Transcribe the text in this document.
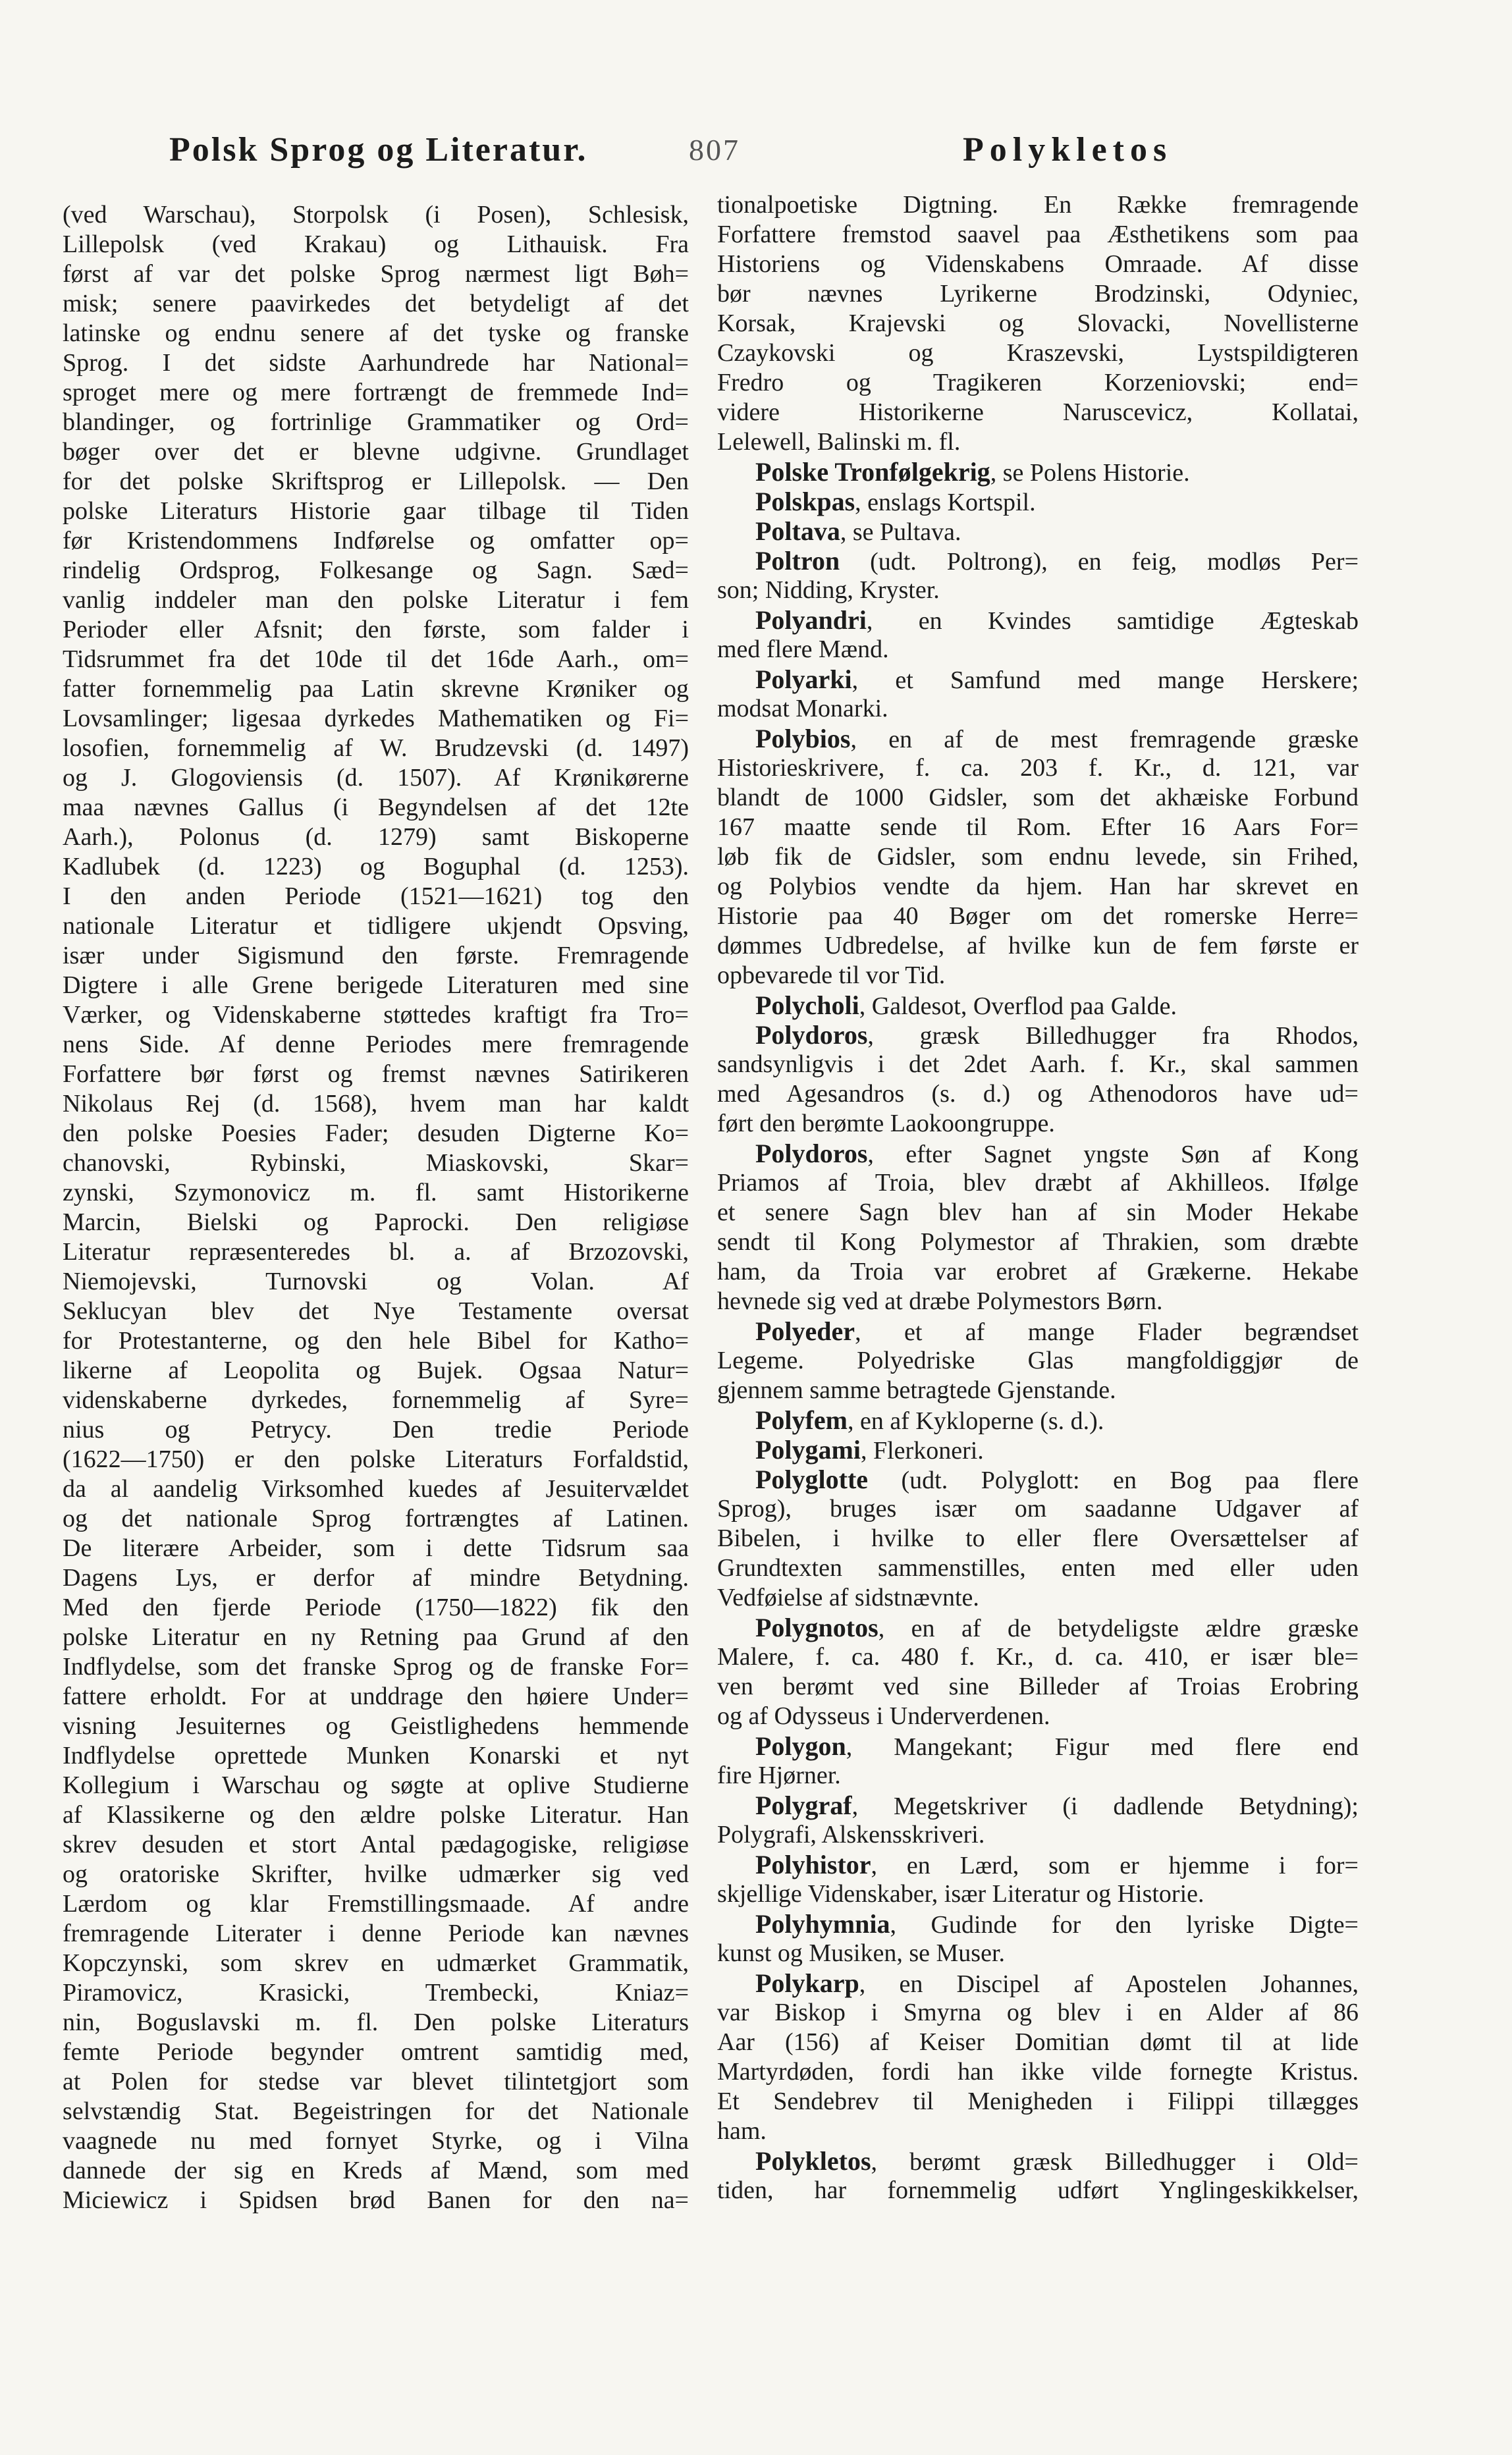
Polsk Sprog og Literatur.	807	Polykletos
(ved Warschau), Storpolsk (i Posen), Schlesisk,
Lillepolsk (ved Krakau) og Lithauisk. Fra
først af var det polske Sprog nærmest ligt Bøh=
misk; senere paavirkedes det betydeligt af det
latinske og endnu senere af det tyske og franske
Sprog. I det sidste Aarhundrede har National=
sproget mere og mere fortrængt de fremmede Ind=
blandinger, og fortrinlige Grammatiker og Ord=
bøger over det er blevne udgivne. Grundlaget
for det polske Skriftsprog er Lillepolsk. — Den
polske Literaturs Historie gaar tilbage til Tiden
før Kristendommens Indførelse og omfatter op=
rindelig Ordsprog, Folkesange og Sagn. Sæd=
vanlig inddeler man den polske Literatur i fem
Perioder eller Afsnit; den første, som falder i
Tidsrummet fra det 10de til det 16de Aarh., om=
fatter fornemmelig paa Latin skrevne Krøniker og
Lovsamlinger; ligesaa dyrkedes Mathematiken og Fi=
losofien, fornemmelig af W. Brudzevski (d. 1497)
og J. Glogoviensis (d. 1507). Af Krønikørerne
maa nævnes Gallus (i Begyndelsen af det 12te
Aarh.), Polonus (d. 1279) samt Biskoperne
Kadlubek (d. 1223) og Boguphal (d. 1253).
I den anden Periode (1521—1621) tog den
nationale Literatur et tidligere ukjendt Opsving,
især under Sigismund den første. Fremragende
Digtere i alle Grene berigede Literaturen med sine
Værker, og Videnskaberne støttedes kraftigt fra Tro=
nens Side. Af denne Periodes mere fremragende
Forfattere bør først og fremst nævnes Satirikeren
Nikolaus Rej (d. 1568), hvem man har kaldt
den polske Poesies Fader; desuden Digterne Ko=
chanovski, Rybinski, Miaskovski, Skar=
zynski, Szymonovicz m. fl. samt Historikerne
Marcin, Bielski og Paprocki. Den religiøse
Literatur repræsenteredes bl. a. af Brzozovski,
Niemojevski, Turnovski og Volan. Af
Seklucyan blev det Nye Testamente oversat
for Protestanterne, og den hele Bibel for Katho=
likerne af Leopolita og Bujek. Ogsaa Natur=
videnskaberne dyrkedes, fornemmelig af Syre=
nius og Petrycy. Den tredie Periode
(1622—1750) er den polske Literaturs Forfaldstid,
da al aandelig Virksomhed kuedes af Jesuitervældet
og det nationale Sprog fortrængtes af Latinen.
De literære Arbeider, som i dette Tidsrum saa
Dagens Lys, er derfor af mindre Betydning.
Med den fjerde Periode (1750—1822) fik den
polske Literatur en ny Retning paa Grund af den
Indflydelse, som det franske Sprog og de franske For=
fattere erholdt. For at unddrage den høiere Under=
visning Jesuiternes og Geistlighedens hemmende
Indflydelse oprettede Munken Konarski et nyt
Kollegium i Warschau og søgte at oplive Studierne
af Klassikerne og den ældre polske Literatur. Han
skrev desuden et stort Antal pædagogiske, religiøse
og oratoriske Skrifter, hvilke udmærker sig ved
Lærdom og klar Fremstillingsmaade. Af andre
fremragende Literater i denne Periode kan nævnes
Kopczynski, som skrev en udmærket Grammatik,
Piramovicz, Krasicki, Trembecki, Kniaz=
nin, Boguslavski m. fl. Den polske Literaturs
femte Periode begynder omtrent samtidig med,
at Polen for stedse var blevet tilintetgjort som
selvstændig Stat. Begeistringen for det Nationale
vaagnede nu med fornyet Styrke, og i Vilna
dannede der sig en Kreds af Mænd, som med
Miciewicz i Spidsen brød Banen for den na=
tionalpoetiske Digtning. En Række fremragende
Forfattere fremstod saavel paa Æsthetikens som paa
Historiens og Videnskabens Omraade. Af disse
bør nævnes Lyrikerne Brodzinski, Odyniec,
Korsak, Krajevski og Slovacki, Novellisterne
Czaykovski og Kraszevski, Lystspildigteren
Fredro og Tragikeren Korzeniovski; end=
videre Historikerne Naruscevicz, Kollatai,
Lelewell, Balinski m. fl.
Polske Tronfølgekrig, se Polens Historie.
Polskpas, enslags Kortspil.
Poltava, se Pultava.
Poltron (udt. Poltrong), en feig, modløs Per=
son; Nidding, Kryster.
Polyandri, en Kvindes samtidige Ægteskab
med flere Mænd.
Polyarki, et Samfund med mange Herskere;
modsat Monarki.
Polybios, en af de mest fremragende græske
Historieskrivere, f. ca. 203 f. Kr., d. 121, var
blandt de 1000 Gidsler, som det akhæiske Forbund
167 maatte sende til Rom. Efter 16 Aars For=
løb fik de Gidsler, som endnu levede, sin Frihed,
og Polybios vendte da hjem. Han har skrevet en
Historie paa 40 Bøger om det romerske Herre=
dømmes Udbredelse, af hvilke kun de fem første er
opbevarede til vor Tid.
Polycholi, Galdesot, Overflod paa Galde.
Polydoros, græsk Billedhugger fra Rhodos,
sandsynligvis i det 2det Aarh. f. Kr., skal sammen
med Agesandros (s. d.) og Athenodoros have ud=
ført den berømte Laokoongruppe.
Polydoros, efter Sagnet yngste Søn af Kong
Priamos af Troia, blev dræbt af Akhilleos. Ifølge
et senere Sagn blev han af sin Moder Hekabe
sendt til Kong Polymestor af Thrakien, som dræbte
ham, da Troia var erobret af Grækerne. Hekabe
hevnede sig ved at dræbe Polymestors Børn.
Polyeder, et af mange Flader begrændset
Legeme. Polyedriske Glas mangfoldiggjør de
gjennem samme betragtede Gjenstande.
Polyfem, en af Kykloperne (s. d.).
Polygami, Flerkoneri.
Polyglotte (udt. Polyglott: en Bog paa flere
Sprog), bruges især om saadanne Udgaver af
Bibelen, i hvilke to eller flere Oversættelser af
Grundtexten sammenstilles, enten med eller uden
Vedføielse af sidstnævnte.
Polygnotos, en af de betydeligste ældre græske
Malere, f. ca. 480 f. Kr., d. ca. 410, er især ble=
ven berømt ved sine Billeder af Troias Erobring
og af Odysseus i Underverdenen.
Polygon, Mangekant; Figur med flere end
fire Hjørner.
Polygraf, Megetskriver (i dadlende Betydning);
Polygrafi, Alskensskriveri.
Polyhistor, en Lærd, som er hjemme i for=
skjellige Videnskaber, især Literatur og Historie.
Polyhymnia, Gudinde for den lyriske Digte=
kunst og Musiken, se Muser.
Polykarp, en Discipel af Apostelen Johannes,
var Biskop i Smyrna og blev i en Alder af 86
Aar (156) af Keiser Domitian dømt til at lide
Martyrdøden, fordi han ikke vilde fornegte Kristus.
Et Sendebrev til Menigheden i Filippi tillægges
ham.
Polykletos, berømt græsk Billedhugger i Old=
tiden, har fornemmelig udført Ynglingeskikkelser,
